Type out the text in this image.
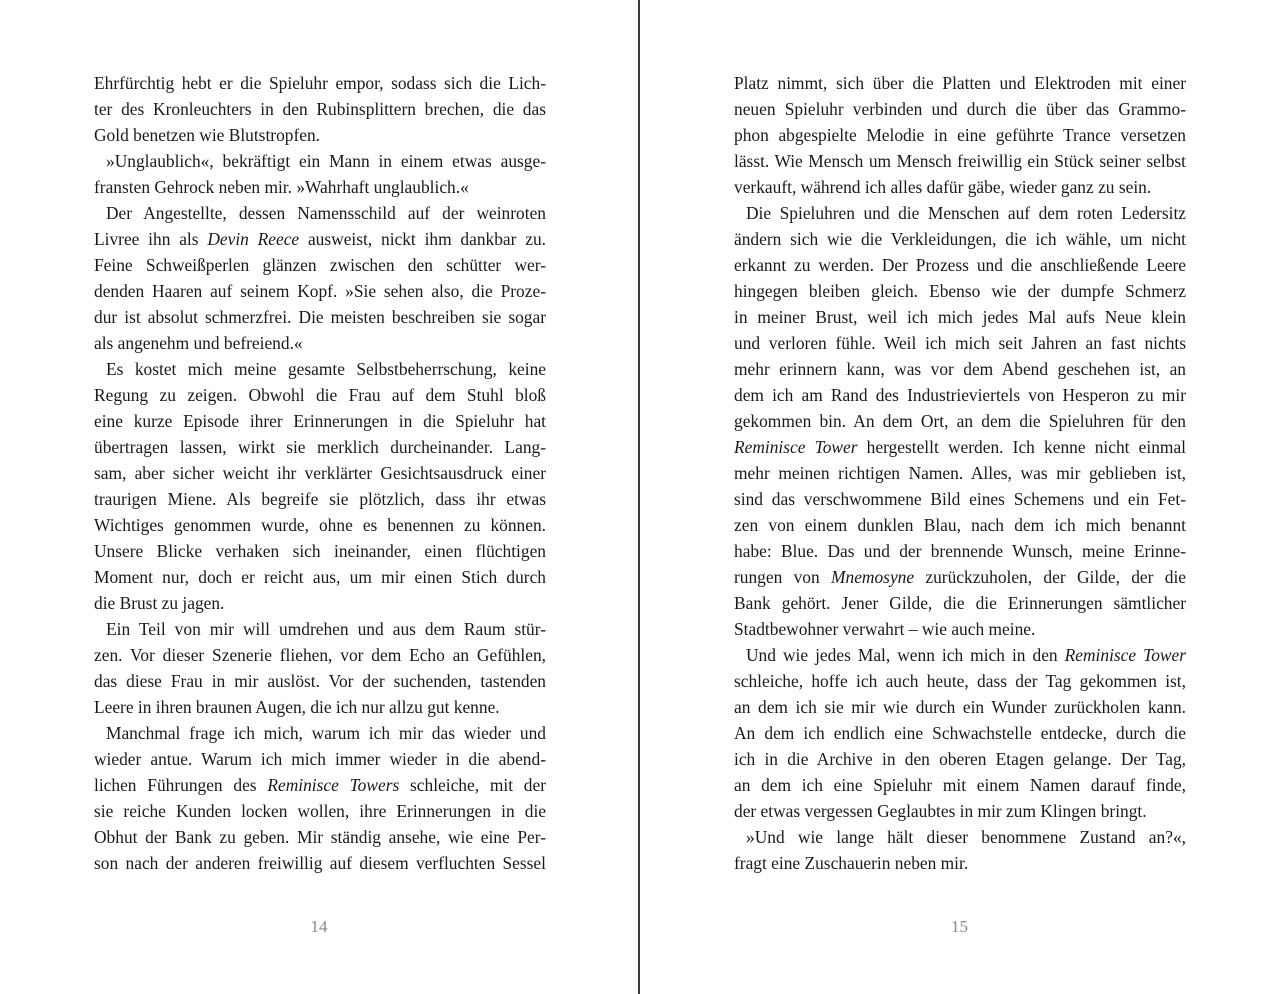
Ehrfürchtig hebt er die Spieluhr empor, sodass sich die Lich-
ter des Kronleuchters in den Rubinsplittern brechen, die das
Gold benetzen wie Blutstropfen.
»Unglaublich«, bekräftigt ein Mann in einem etwas ausge-
fransten Gehrock neben mir. »Wahrhaft unglaublich.«
Der Angestellte, dessen Namensschild auf der weinroten
Livree ihn als Devin Reece ausweist, nickt ihm dankbar zu.
Feine Schweißperlen glänzen zwischen den schütter wer-
denden Haaren auf seinem Kopf. »Sie sehen also, die Proze-
dur ist absolut schmerzfrei. Die meisten beschreiben sie sogar
als angenehm und befreiend.«
Es kostet mich meine gesamte Selbstbeherrschung, keine
Regung zu zeigen. Obwohl die Frau auf dem Stuhl bloß
eine kurze Episode ihrer Erinnerungen in die Spieluhr hat
übertragen lassen, wirkt sie merklich durcheinander. Lang-
sam, aber sicher weicht ihr verklärter Gesichtsausdruck einer
traurigen Miene. Als begreife sie plötzlich, dass ihr etwas
Wichtiges genommen wurde, ohne es benennen zu können.
Unsere Blicke verhaken sich ineinander, einen flüchtigen
Moment nur, doch er reicht aus, um mir einen Stich durch
die Brust zu jagen.
Ein Teil von mir will umdrehen und aus dem Raum stür-
zen. Vor dieser Szenerie fliehen, vor dem Echo an Gefühlen,
das diese Frau in mir auslöst. Vor der suchenden, tastenden
Leere in ihren braunen Augen, die ich nur allzu gut kenne.
Manchmal frage ich mich, warum ich mir das wieder und
wieder antue. Warum ich mich immer wieder in die abend-
lichen Führungen des Reminisce Towers schleiche, mit der
sie reiche Kunden locken wollen, ihre Erinnerungen in die
Obhut der Bank zu geben. Mir ständig ansehe, wie eine Per-
son nach der anderen freiwillig auf diesem verfluchten Sessel
14
Platz nimmt, sich über die Platten und Elektroden mit einer
neuen Spieluhr verbinden und durch die über das Grammo-
phon abgespielte Melodie in eine geführte Trance versetzen
lässt. Wie Mensch um Mensch freiwillig ein Stück seiner selbst
verkauft, während ich alles dafür gäbe, wieder ganz zu sein.
Die Spieluhren und die Menschen auf dem roten Ledersitz
ändern sich wie die Verkleidungen, die ich wähle, um nicht
erkannt zu werden. Der Prozess und die anschließende Leere
hingegen bleiben gleich. Ebenso wie der dumpfe Schmerz
in meiner Brust, weil ich mich jedes Mal aufs Neue klein
und verloren fühle. Weil ich mich seit Jahren an fast nichts
mehr erinnern kann, was vor dem Abend geschehen ist, an
dem ich am Rand des Industrieviertels von Hesperon zu mir
gekommen bin. An dem Ort, an dem die Spieluhren für den
Reminisce Tower hergestellt werden. Ich kenne nicht einmal
mehr meinen richtigen Namen. Alles, was mir geblieben ist,
sind das verschwommene Bild eines Schemens und ein Fet-
zen von einem dunklen Blau, nach dem ich mich benannt
habe: Blue. Das und der brennende Wunsch, meine Erinne-
rungen von Mnemosyne zurückzuholen, der Gilde, der die
Bank gehört. Jener Gilde, die die Erinnerungen sämtlicher
Stadtbewohner verwahrt – wie auch meine.
Und wie jedes Mal, wenn ich mich in den Reminisce Tower
schleiche, hoffe ich auch heute, dass der Tag gekommen ist,
an dem ich sie mir wie durch ein Wunder zurückholen kann.
An dem ich endlich eine Schwachstelle entdecke, durch die
ich in die Archive in den oberen Etagen gelange. Der Tag,
an dem ich eine Spieluhr mit einem Namen darauf finde,
der etwas vergessen Geglaubtes in mir zum Klingen bringt.
»Und wie lange hält dieser benommene Zustand an?«,
fragt eine Zuschauerin neben mir.
15
